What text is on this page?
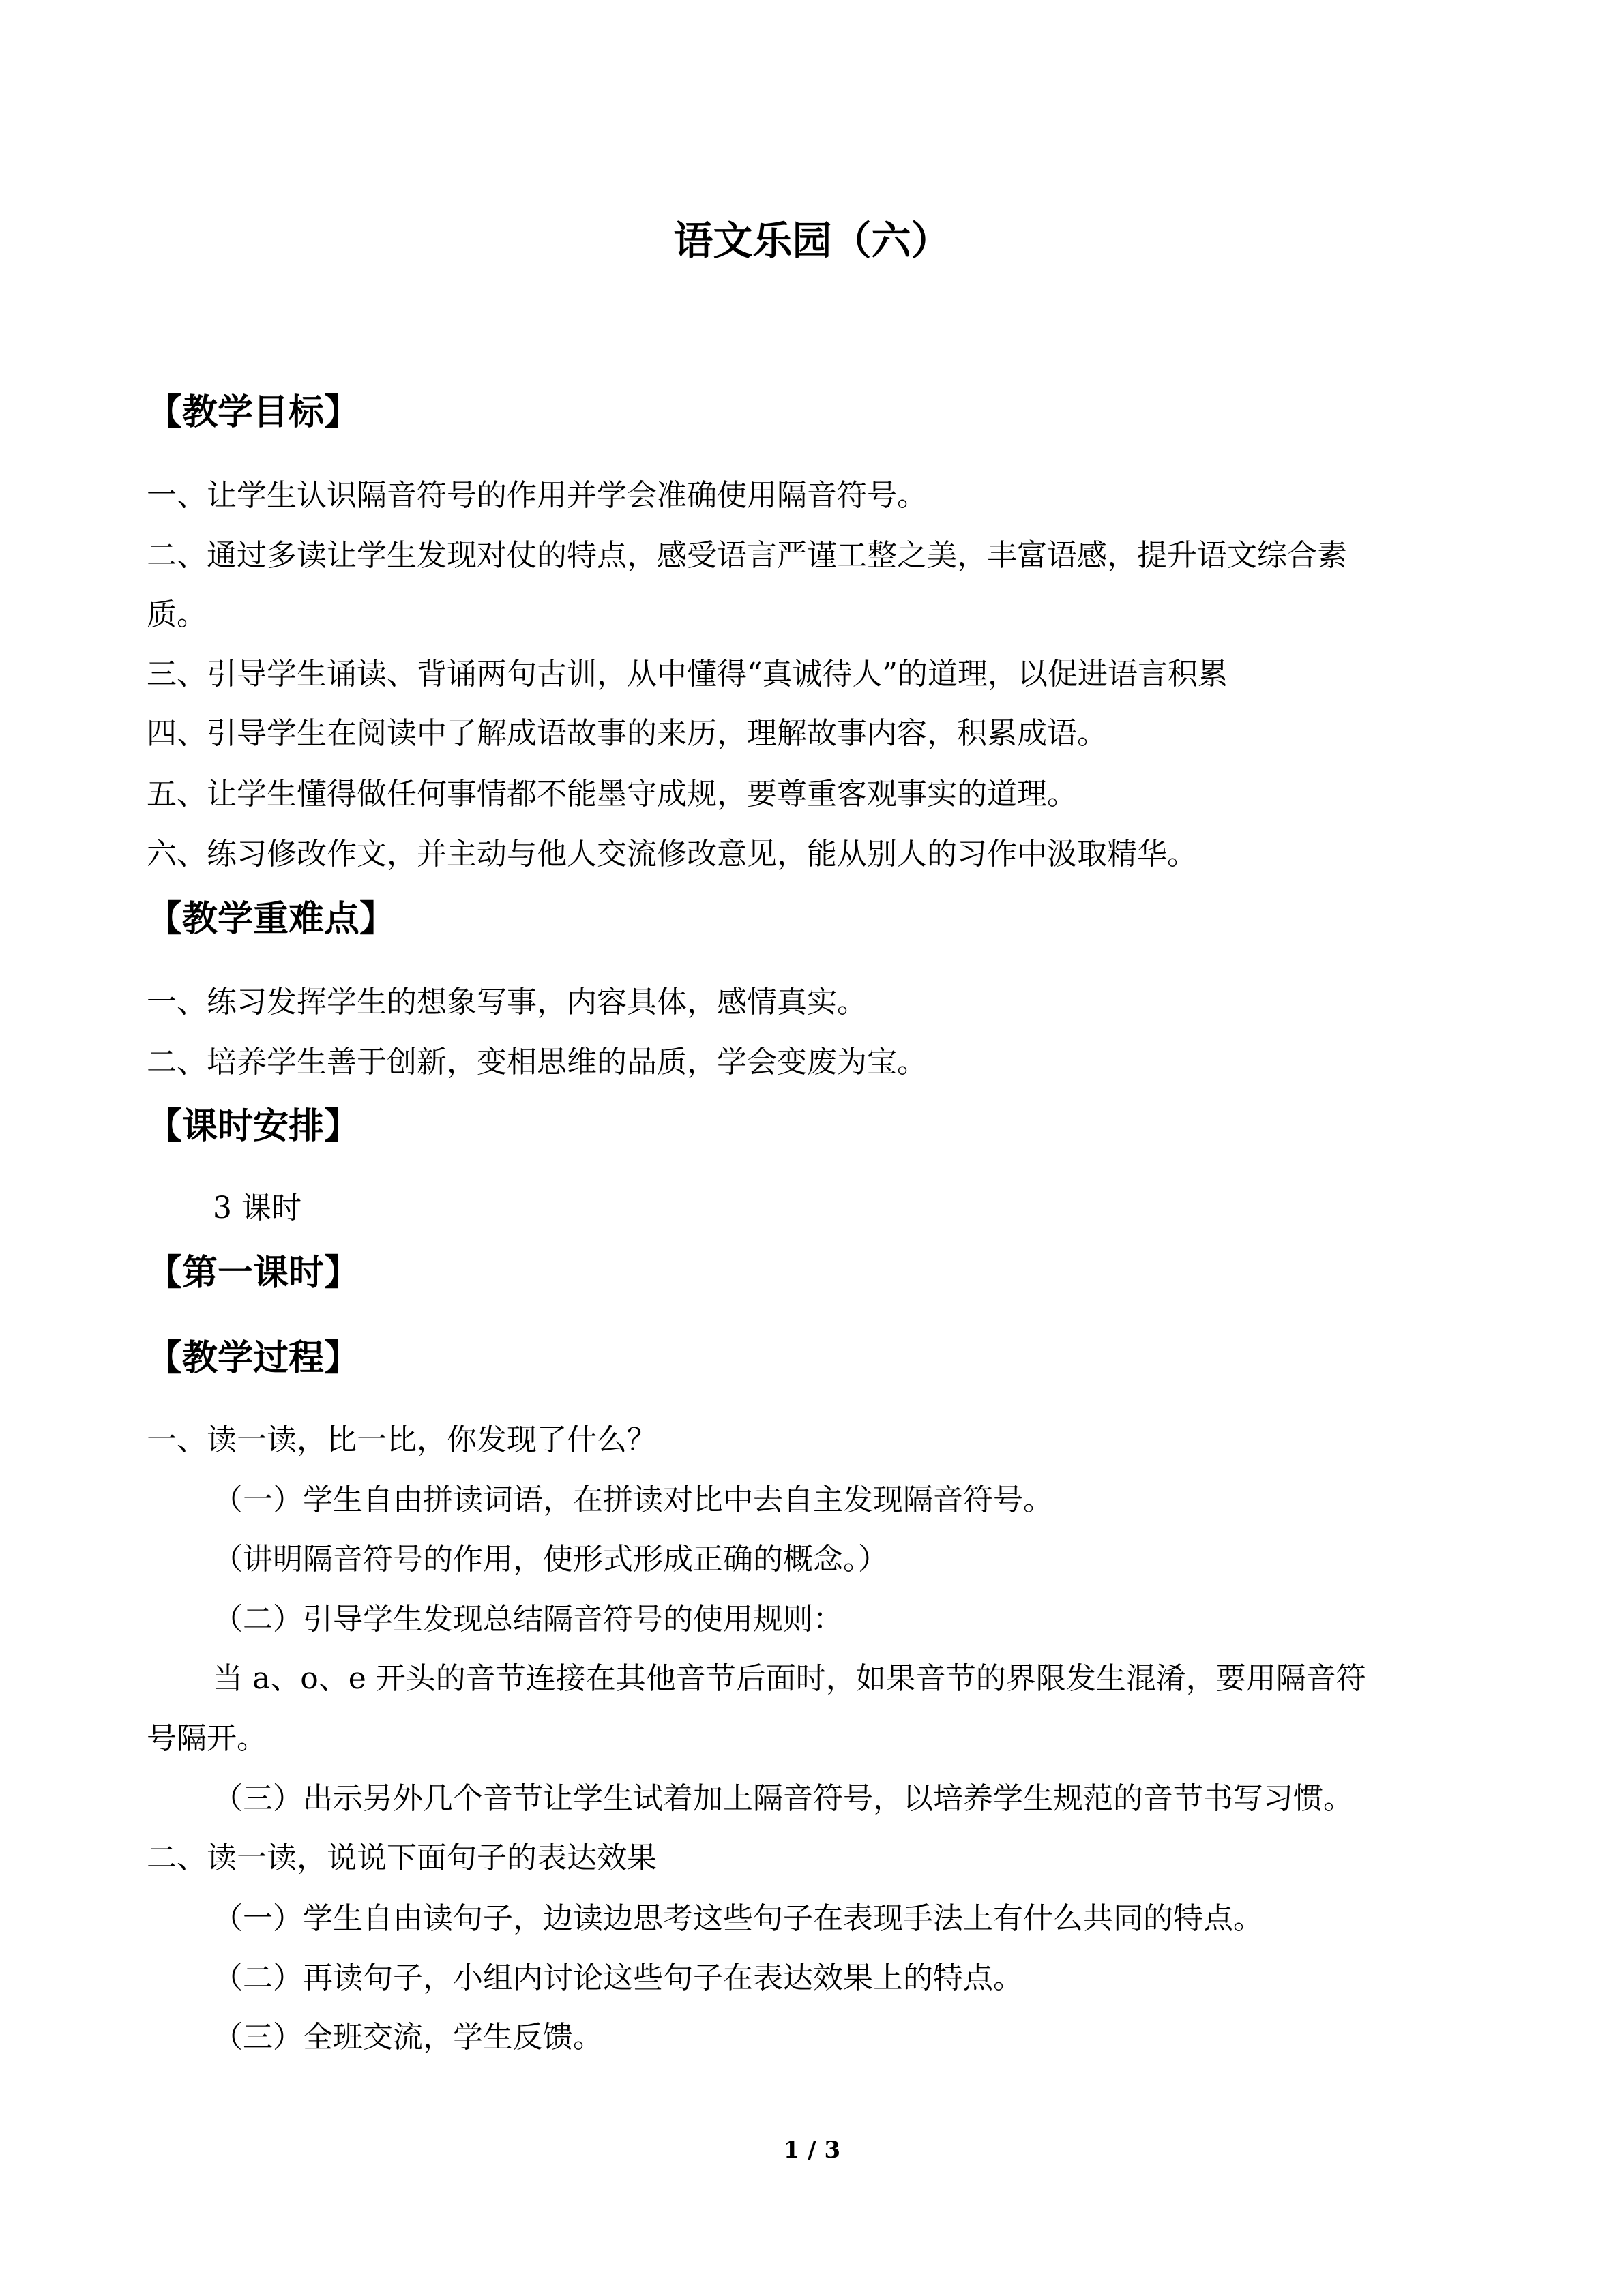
语文乐园（六）
【教学目标】
一、让学生认识隔音符号的作用并学会准确使用隔音符号。
二、通过多读让学生发现对仗的特点，感受语言严谨工整之美，丰富语感，提升语文综合素
质。
三、引导学生诵读、背诵两句古训，从中懂得“真诚待人”的道理，以促进语言积累
四、引导学生在阅读中了解成语故事的来历，理解故事内容，积累成语。
五、让学生懂得做任何事情都不能墨守成规，要尊重客观事实的道理。
六、练习修改作文，并主动与他人交流修改意见，能从别人的习作中汲取精华。
【教学重难点】
一、练习发挥学生的想象写事，内容具体，感情真实。
二、培养学生善于创新，变相思维的品质，学会变废为宝。
【课时安排】
3 课时
【第一课时】
【教学过程】
一、读一读，比一比，你发现了什么？
（一）学生自由拼读词语，在拼读对比中去自主发现隔音符号。
（讲明隔音符号的作用，使形式形成正确的概念。）
（二）引导学生发现总结隔音符号的使用规则：
当 a、o、e 开头的音节连接在其他音节后面时，如果音节的界限发生混淆，要用隔音符
号隔开。
（三）出示另外几个音节让学生试着加上隔音符号，以培养学生规范的音节书写习惯。
二、读一读，说说下面句子的表达效果
（一）学生自由读句子，边读边思考这些句子在表现手法上有什么共同的特点。
（二）再读句子，小组内讨论这些句子在表达效果上的特点。
（三）全班交流，学生反馈。
1 / 3
